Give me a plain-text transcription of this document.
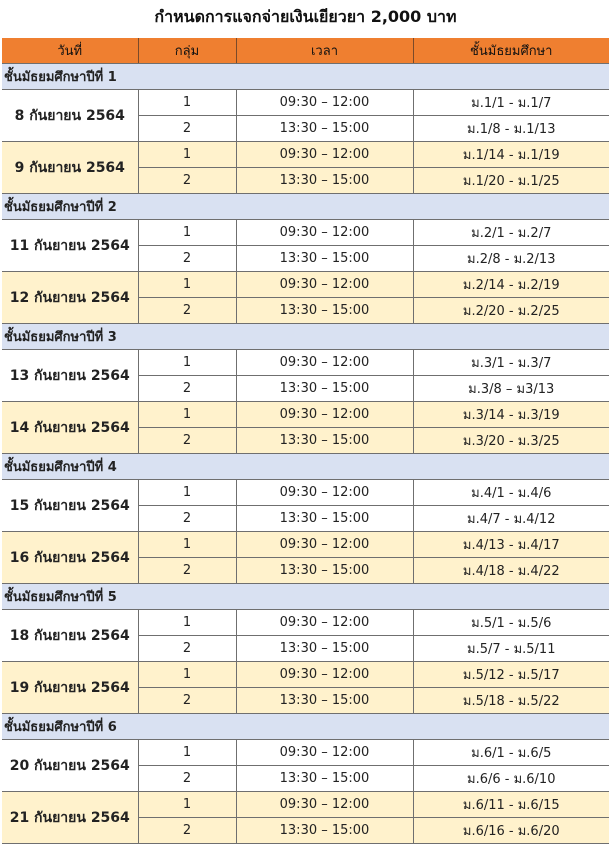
กำหนดการแจกจ่ายเงินเยียวยา 2,000 บาท
วันที่	กลุ่ม	เวลา	ชั้นมัธยมศึกษา
ชั้นมัธยมศึกษาปีที่ 1			
8 กันยายน 2564	1	09:30 – 12:00	ม.1/1 - ม.1/7
	2	13:30 – 15:00	ม.1/8 - ม.1/13
9 กันยายน 2564	1	09:30 – 12:00	ม.1/14 - ม.1/19
	2	13:30 – 15:00	ม.1/20 - ม.1/25
ชั้นมัธยมศึกษาปีที่ 2			
11 กันยายน 2564	1	09:30 – 12:00	ม.2/1 - ม.2/7
	2	13:30 – 15:00	ม.2/8 - ม.2/13
12 กันยายน 2564	1	09:30 – 12:00	ม.2/14 - ม.2/19
	2	13:30 – 15:00	ม.2/20 - ม.2/25
ชั้นมัธยมศึกษาปีที่ 3			
13 กันยายน 2564	1	09:30 – 12:00	ม.3/1 - ม.3/7
	2	13:30 – 15:00	ม.3/8 – ม3/13
14 กันยายน 2564	1	09:30 – 12:00	ม.3/14 - ม.3/19
	2	13:30 – 15:00	ม.3/20 - ม.3/25
ชั้นมัธยมศึกษาปีที่ 4			
15 กันยายน 2564	1	09:30 – 12:00	ม.4/1 - ม.4/6
	2	13:30 – 15:00	ม.4/7 - ม.4/12
16 กันยายน 2564	1	09:30 – 12:00	ม.4/13 - ม.4/17
	2	13:30 – 15:00	ม.4/18 - ม.4/22
ชั้นมัธยมศึกษาปีที่ 5			
18 กันยายน 2564	1	09:30 – 12:00	ม.5/1 - ม.5/6
	2	13:30 – 15:00	ม.5/7 - ม.5/11
19 กันยายน 2564	1	09:30 – 12:00	ม.5/12 - ม.5/17
	2	13:30 – 15:00	ม.5/18 - ม.5/22
ชั้นมัธยมศึกษาปีที่ 6			
20 กันยายน 2564	1	09:30 – 12:00	ม.6/1 - ม.6/5
	2	13:30 – 15:00	ม.6/6 - ม.6/10
21 กันยายน 2564	1	09:30 – 12:00	ม.6/11 - ม.6/15
	2	13:30 – 15:00	ม.6/16 - ม.6/20
